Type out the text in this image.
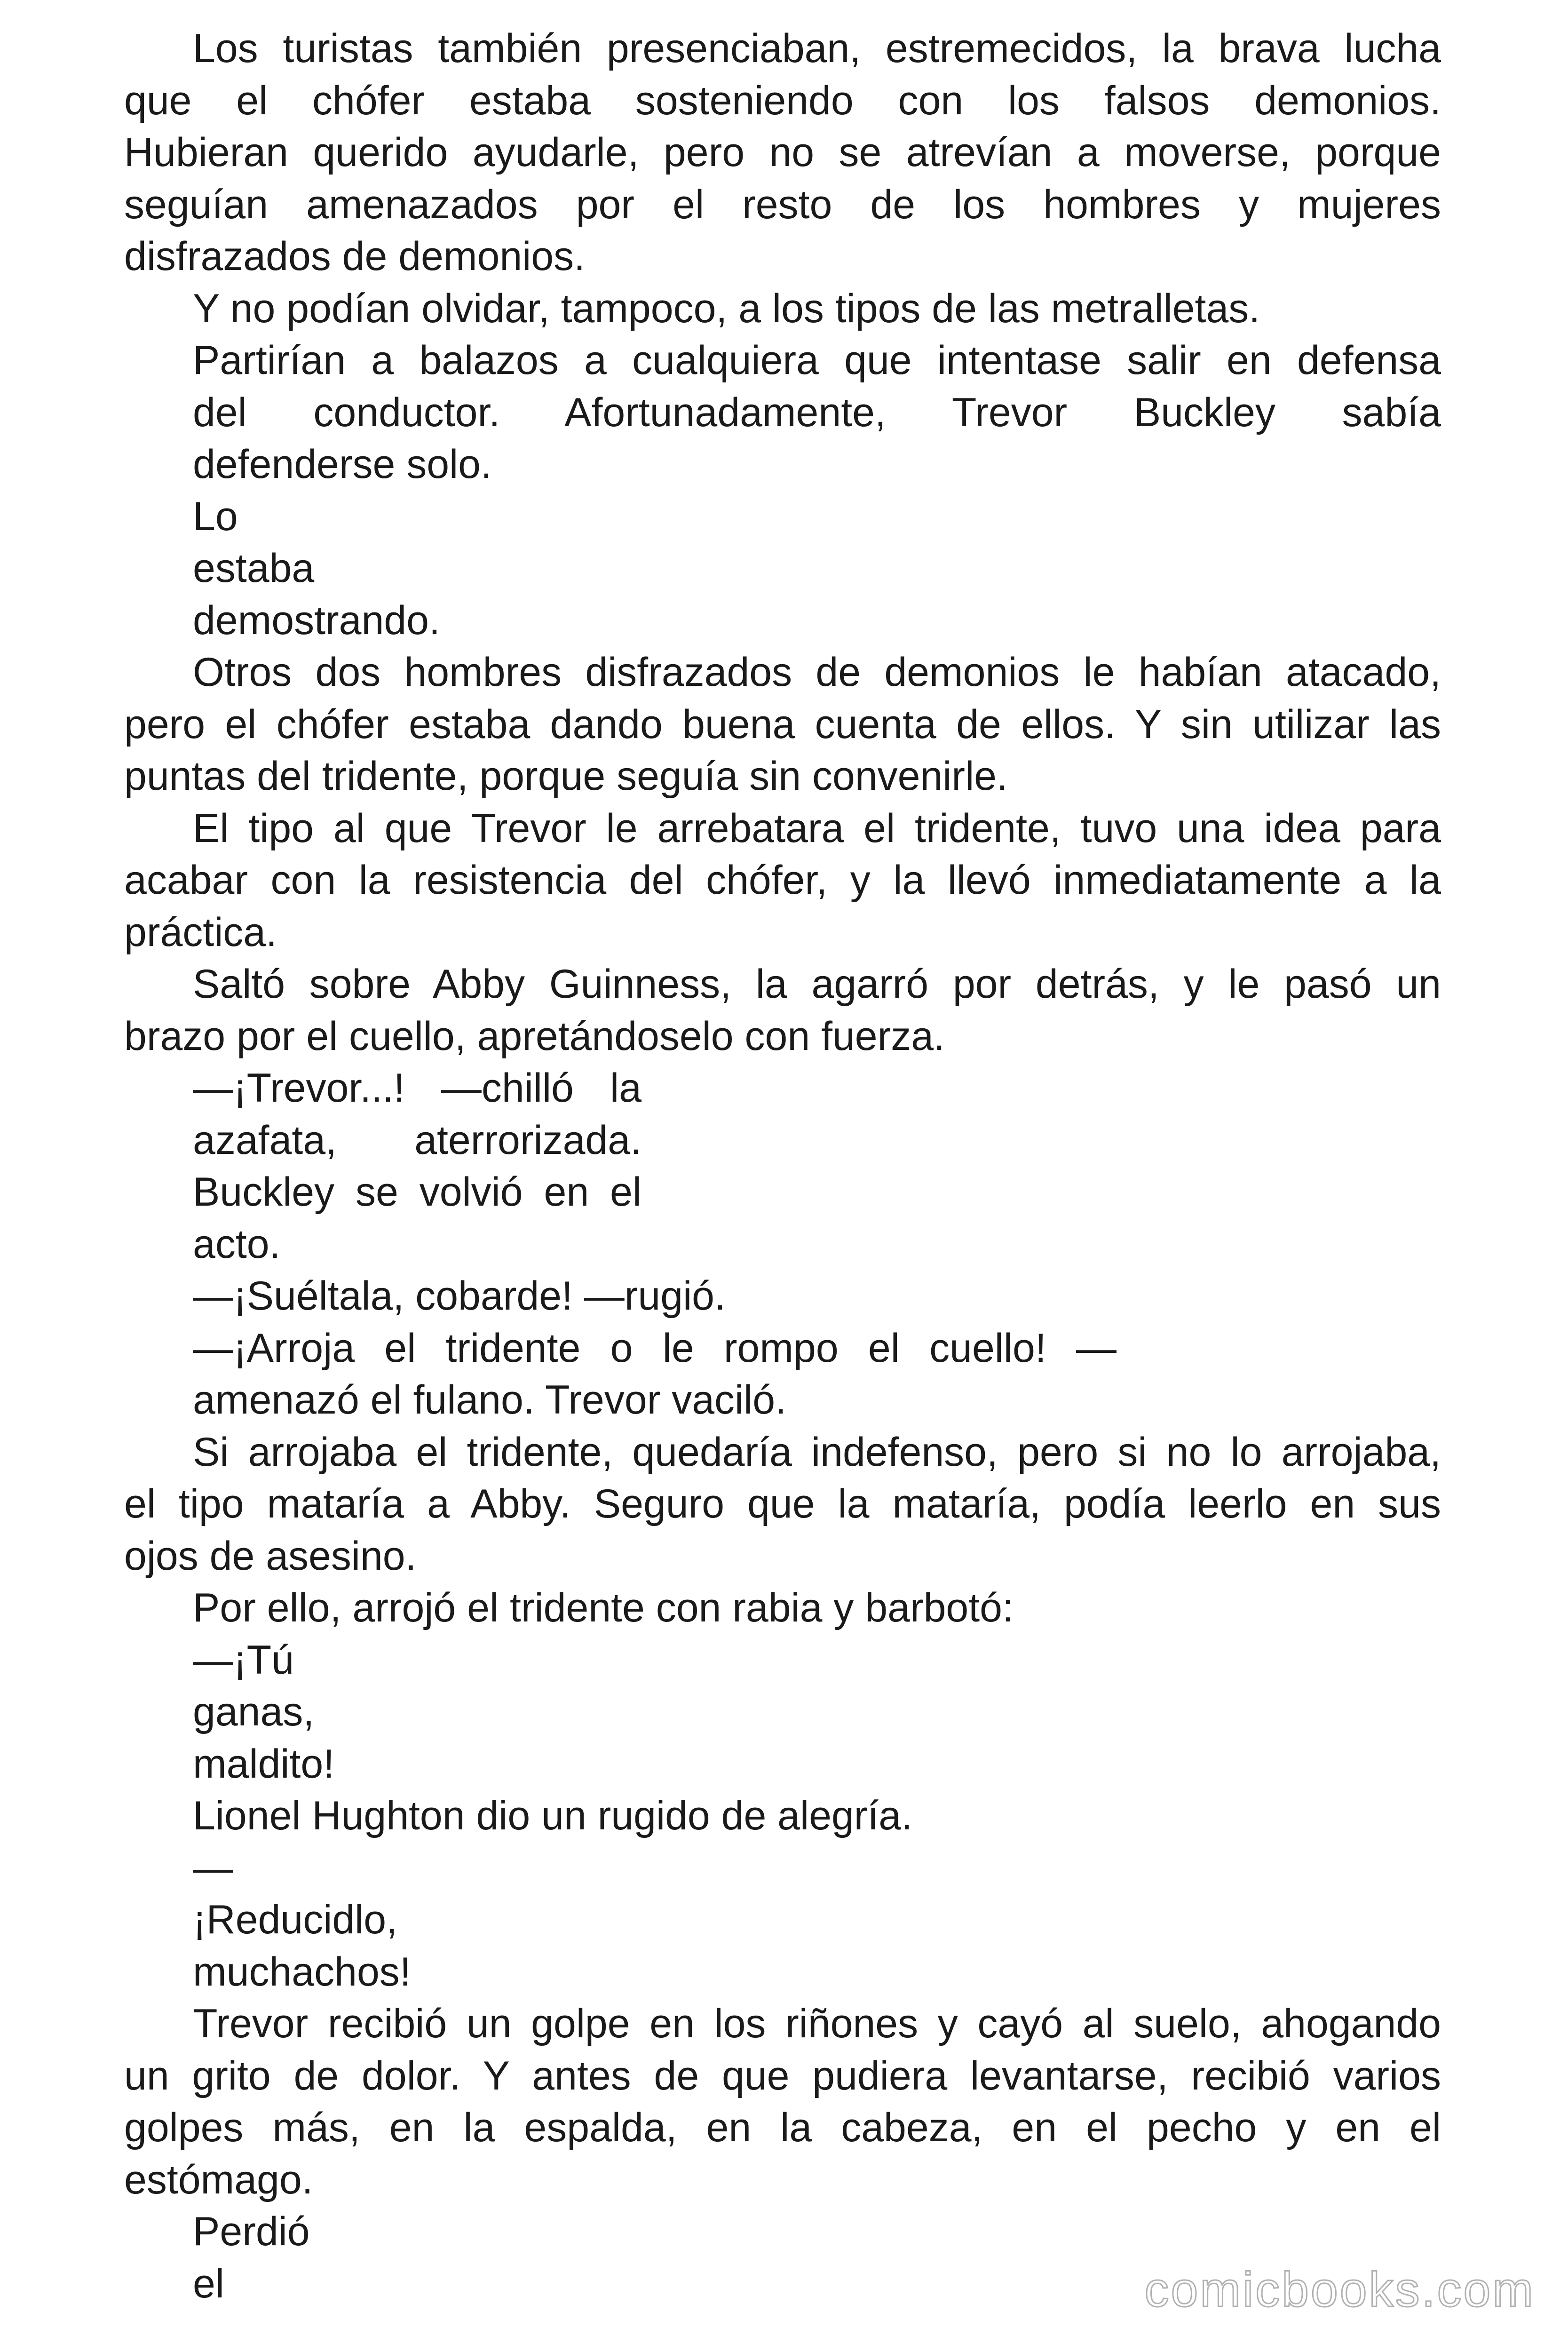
Los turistas también presenciaban, estremecidos, la brava lucha
que el chófer estaba sosteniendo con los falsos demonios.
Hubieran querido ayudarle, pero no se atrevían a moverse, porque
seguían amenazados por el resto de los hombres y mujeres
disfrazados de demonios.
Y no podían olvidar, tampoco, a los tipos de las metralletas.
Partirían a balazos a cualquiera que intentase salir en defensa
del conductor. Afortunadamente, Trevor Buckley sabía
defenderse solo.
Lo
estaba
demostrando.
Otros dos hombres disfrazados de demonios le habían atacado,
pero el chófer estaba dando buena cuenta de ellos. Y sin utilizar las
puntas del tridente, porque seguía sin convenirle.
El tipo al que Trevor le arrebatara el tridente, tuvo una idea para
acabar con la resistencia del chófer, y la llevó inmediatamente a la
práctica.
Saltó sobre Abby Guinness, la agarró por detrás, y le pasó un
brazo por el cuello, apretándoselo con fuerza.
—¡Trevor...! —chilló la
azafata, aterrorizada.
Buckley se volvió en el
acto.
—¡Suéltala, cobarde! —rugió.
—¡Arroja el tridente o le rompo el cuello! —
amenazó el fulano. Trevor vaciló.
Si arrojaba el tridente, quedaría indefenso, pero si no lo arrojaba,
el tipo mataría a Abby. Seguro que la mataría, podía leerlo en sus
ojos de asesino.
Por ello, arrojó el tridente con rabia y barbotó:
—¡Tú
ganas,
maldito!
Lionel Hughton dio un rugido de alegría.
—
¡Reducidlo,
muchachos!
Trevor recibió un golpe en los riñones y cayó al suelo, ahogando
un grito de dolor. Y antes de que pudiera levantarse, recibió varios
golpes más, en la espalda, en la cabeza, en el pecho y en el
estómago.
Perdió
el	comicbooks.com
